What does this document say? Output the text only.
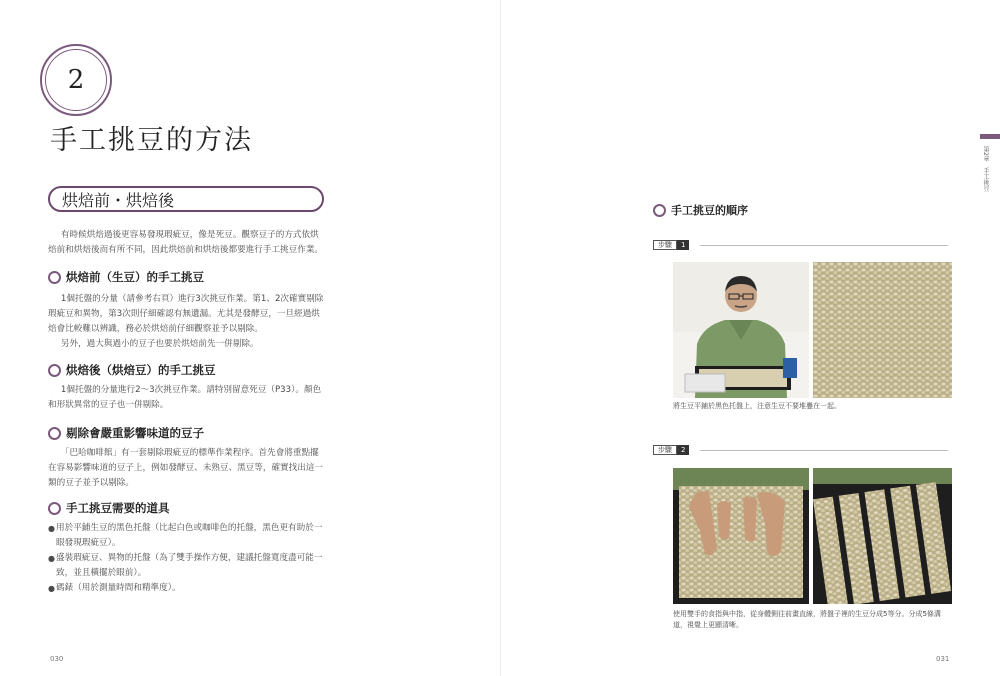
2
手工挑豆的方法
烘焙前・烘焙後

有時候烘焙過後更容易發現瑕疵豆，像是死豆。觀察豆子的方式依烘焙前和烘焙後而有所不同，因此烘焙前和烘焙後都要進行手工挑豆作業。

烘焙前（生豆）的手工挑豆

1個托盤的分量（請參考右頁）進行3次挑豆作業。第1、2次確實剔除瑕疵豆和異物，第3次則仔細確認有無遺漏。尤其是發酵豆，一旦經過烘焙會比較難以辨識，務必於烘焙前仔細觀察並予以剔除。

另外，過大與過小的豆子也要於烘焙前先一併剔除。

烘焙後（烘焙豆）的手工挑豆

1個托盤的分量進行2〜3次挑豆作業。請特別留意死豆（P33）。顏色和形狀異常的豆子也一併剔除。

剔除會嚴重影響味道的豆子

「巴哈咖啡館」有一套剔除瑕疵豆的標準作業程序。首先會將重點擺在容易影響味道的豆子上，例如發酵豆、未熟豆、黑豆等，確實找出這一類的豆子並予以剔除。

手工挑豆需要的道具
● 用於平鋪生豆的黑色托盤（比起白色或咖啡色的托盤，黑色更有助於一眼發現瑕疵豆）。
● 盛裝瑕疵豆、異物的托盤（為了雙手操作方便，建議托盤寬度盡可能一致，並且橫擺於眼前）。
● 碼錶（用於測量時間和精準度）。
030
第2章　手工挑豆
手工挑豆的順序
步驟	1
將生豆平鋪於黑色托盤上，注意生豆不要堆疊在一起。
步驟	2
使用雙手的食指與中指，從身體側往前畫直線，將盤子裡的生豆分成5等分。分成5條溝道，視覺上更顯清晰。
031
